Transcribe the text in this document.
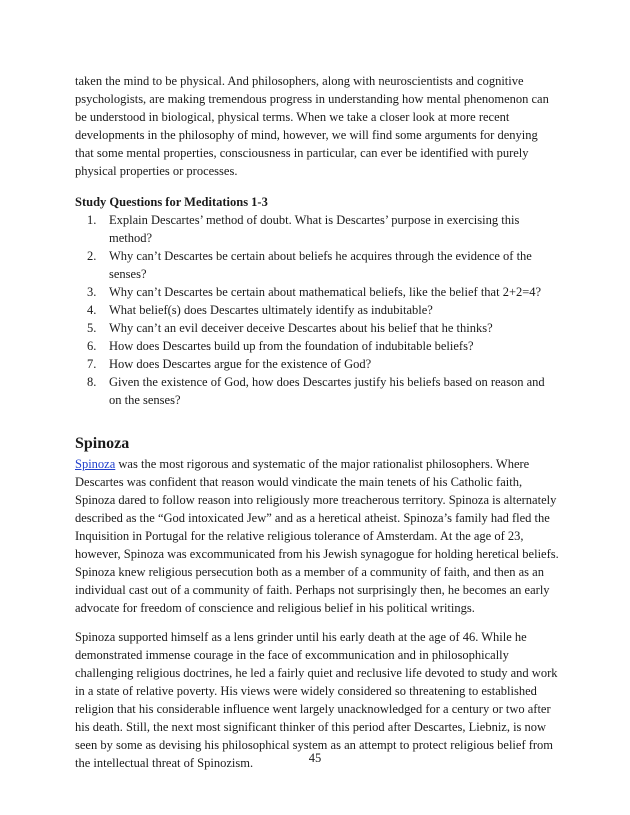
taken the mind to be physical. And philosophers, along with neuroscientists and cognitive psychologists, are making tremendous progress in understanding how mental phenomenon can be understood in biological, physical terms. When we take a closer look at more recent developments in the philosophy of mind, however, we will find some arguments for denying that some mental properties, consciousness in particular, can ever be identified with purely physical properties or processes.

Study Questions for Meditations 1-3

1. Explain Descartes’ method of doubt. What is Descartes’ purpose in exercising this method?
2. Why can’t Descartes be certain about beliefs he acquires through the evidence of the senses?
3. Why can’t Descartes be certain about mathematical beliefs, like the belief that 2+2=4?
4. What belief(s) does Descartes ultimately identify as indubitable?
5. Why can’t an evil deceiver deceive Descartes about his belief that he thinks?
6. How does Descartes build up from the foundation of indubitable beliefs?
7. How does Descartes argue for the existence of God?
8. Given the existence of God, how does Descartes justify his beliefs based on reason and on the senses?
Spinoza

Spinoza was the most rigorous and systematic of the major rationalist philosophers. Where Descartes was confident that reason would vindicate the main tenets of his Catholic faith, Spinoza dared to follow reason into religiously more treacherous territory. Spinoza is alternately described as the “God intoxicated Jew” and as a heretical atheist. Spinoza’s family had fled the Inquisition in Portugal for the relative religious tolerance of Amsterdam. At the age of 23, however, Spinoza was excommunicated from his Jewish synagogue for holding heretical beliefs. Spinoza knew religious persecution both as a member of a community of faith, and then as an individual cast out of a community of faith. Perhaps not surprisingly then, he becomes an early advocate for freedom of conscience and religious belief in his political writings.

Spinoza supported himself as a lens grinder until his early death at the age of 46. While he demonstrated immense courage in the face of excommunication and in philosophically challenging religious doctrines, he led a fairly quiet and reclusive life devoted to study and work in a state of relative poverty. His views were widely considered so threatening to established religion that his considerable influence went largely unacknowledged for a century or two after his death. Still, the next most significant thinker of this period after Descartes, Liebniz, is now seen by some as devising his philosophical system as an attempt to protect religious belief from the intellectual threat of Spinozism.	45
